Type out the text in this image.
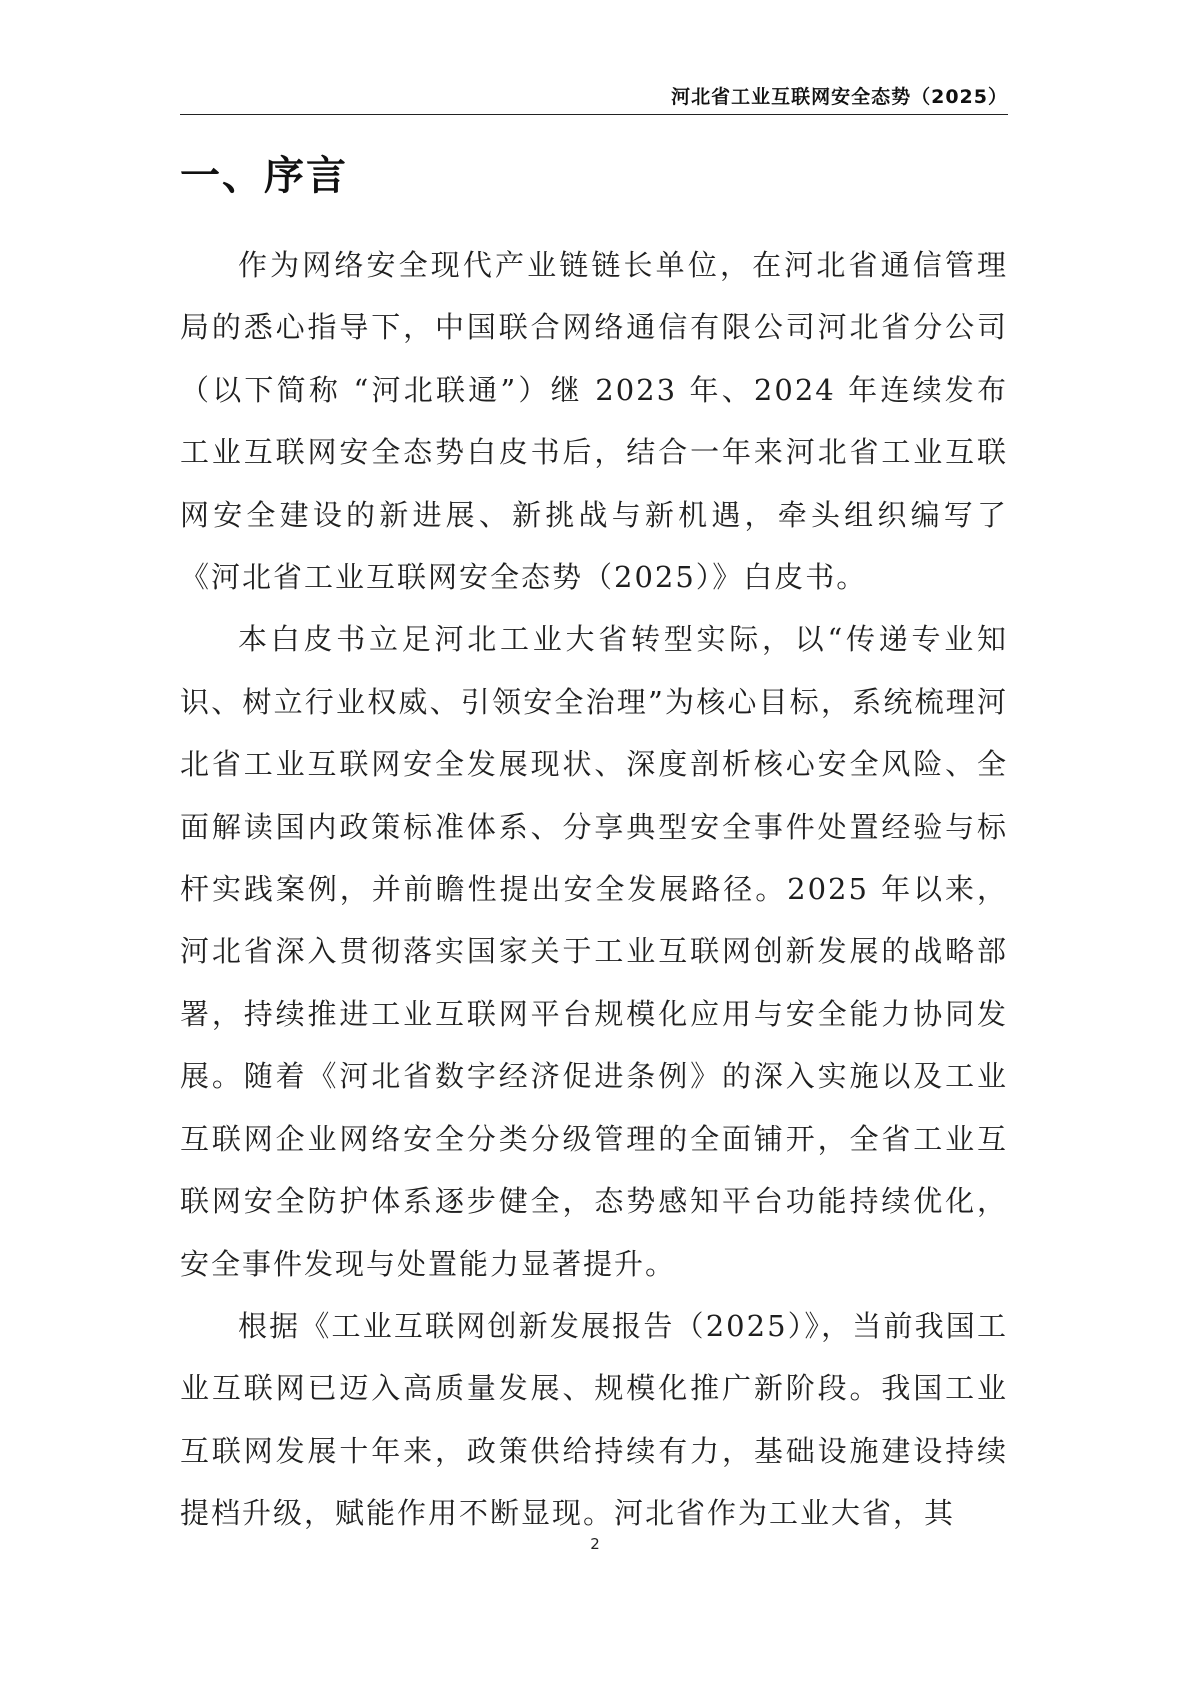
河北省工业互联网安全态势（2025）
一、序言

作为网络安全现代产业链链长单位，在河北省通信管理局的悉心指导下，中国联合网络通信有限公司河北省分公司（以下简称 “河北联通”）继 2023 年、2024 年连续发布工业互联网安全态势白皮书后，结合一年来河北省工业互联网安全建设的新进展、新挑战与新机遇，牵头组织编写了《河北省工业互联网安全态势（2025）》白皮书。

本白皮书立足河北工业大省转型实际，以“传递专业知识、树立行业权威、引领安全治理”为核心目标，系统梳理河北省工业互联网安全发展现状、深度剖析核心安全风险、全面解读国内政策标准体系、分享典型安全事件处置经验与标杆实践案例，并前瞻性提出安全发展路径。2025 年以来，河北省深入贯彻落实国家关于工业互联网创新发展的战略部署，持续推进工业互联网平台规模化应用与安全能力协同发展。随着《河北省数字经济促进条例》的深入实施以及工业互联网企业网络安全分类分级管理的全面铺开，全省工业互联网安全防护体系逐步健全，态势感知平台功能持续优化，安全事件发现与处置能力显著提升。

根据《工业互联网创新发展报告（2025）》，当前我国工业互联网已迈入高质量发展、规模化推广新阶段。我国工业互联网发展十年来，政策供给持续有力，基础设施建设持续提档升级，赋能作用不断显现。河北省作为工业大省，其

2
